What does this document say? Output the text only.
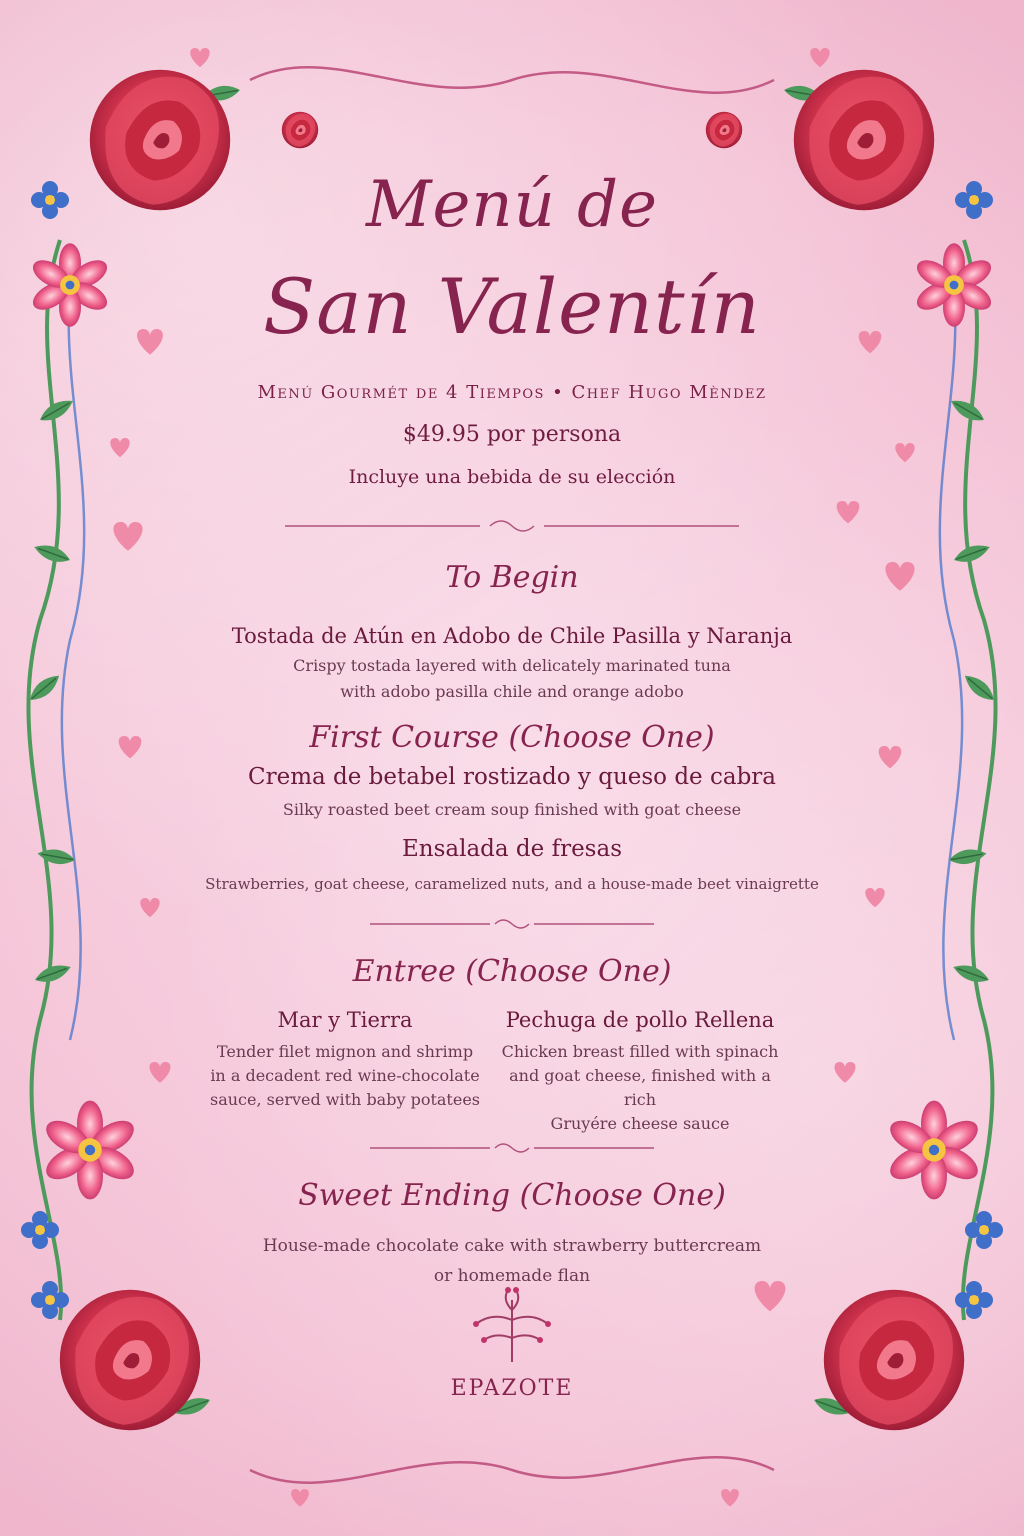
Menú de
San Valentín
Menú Gourmét de 4 Tiempos • Chef Hugo Mèndez
$49.95 por persona
Incluye una bebida de su elección
To Begin
Tostada de Atún en Adobo de Chile Pasilla y Naranja
Crispy tostada layered with delicately marinated tuna
with adobo pasilla chile and orange adobo
First Course (Choose One)
Crema de betabel rostizado y queso de cabra
Silky roasted beet cream soup finished with goat cheese
Ensalada de fresas
Strawberries, goat cheese, caramelized nuts, and a house-made beet vinaigrette
Entree (Choose One)
Mar y Tierra
Tender filet mignon and shrimp
in a decadent red wine-chocolate
sauce, served with baby potatees
Pechuga de pollo Rellena
Chicken breast filled with spinach
and goat cheese, finished with a rich
Gruyére cheese sauce
Sweet Ending (Choose One)
House-made chocolate cake with strawberry buttercream
or homemade flan
EPAZOTE
